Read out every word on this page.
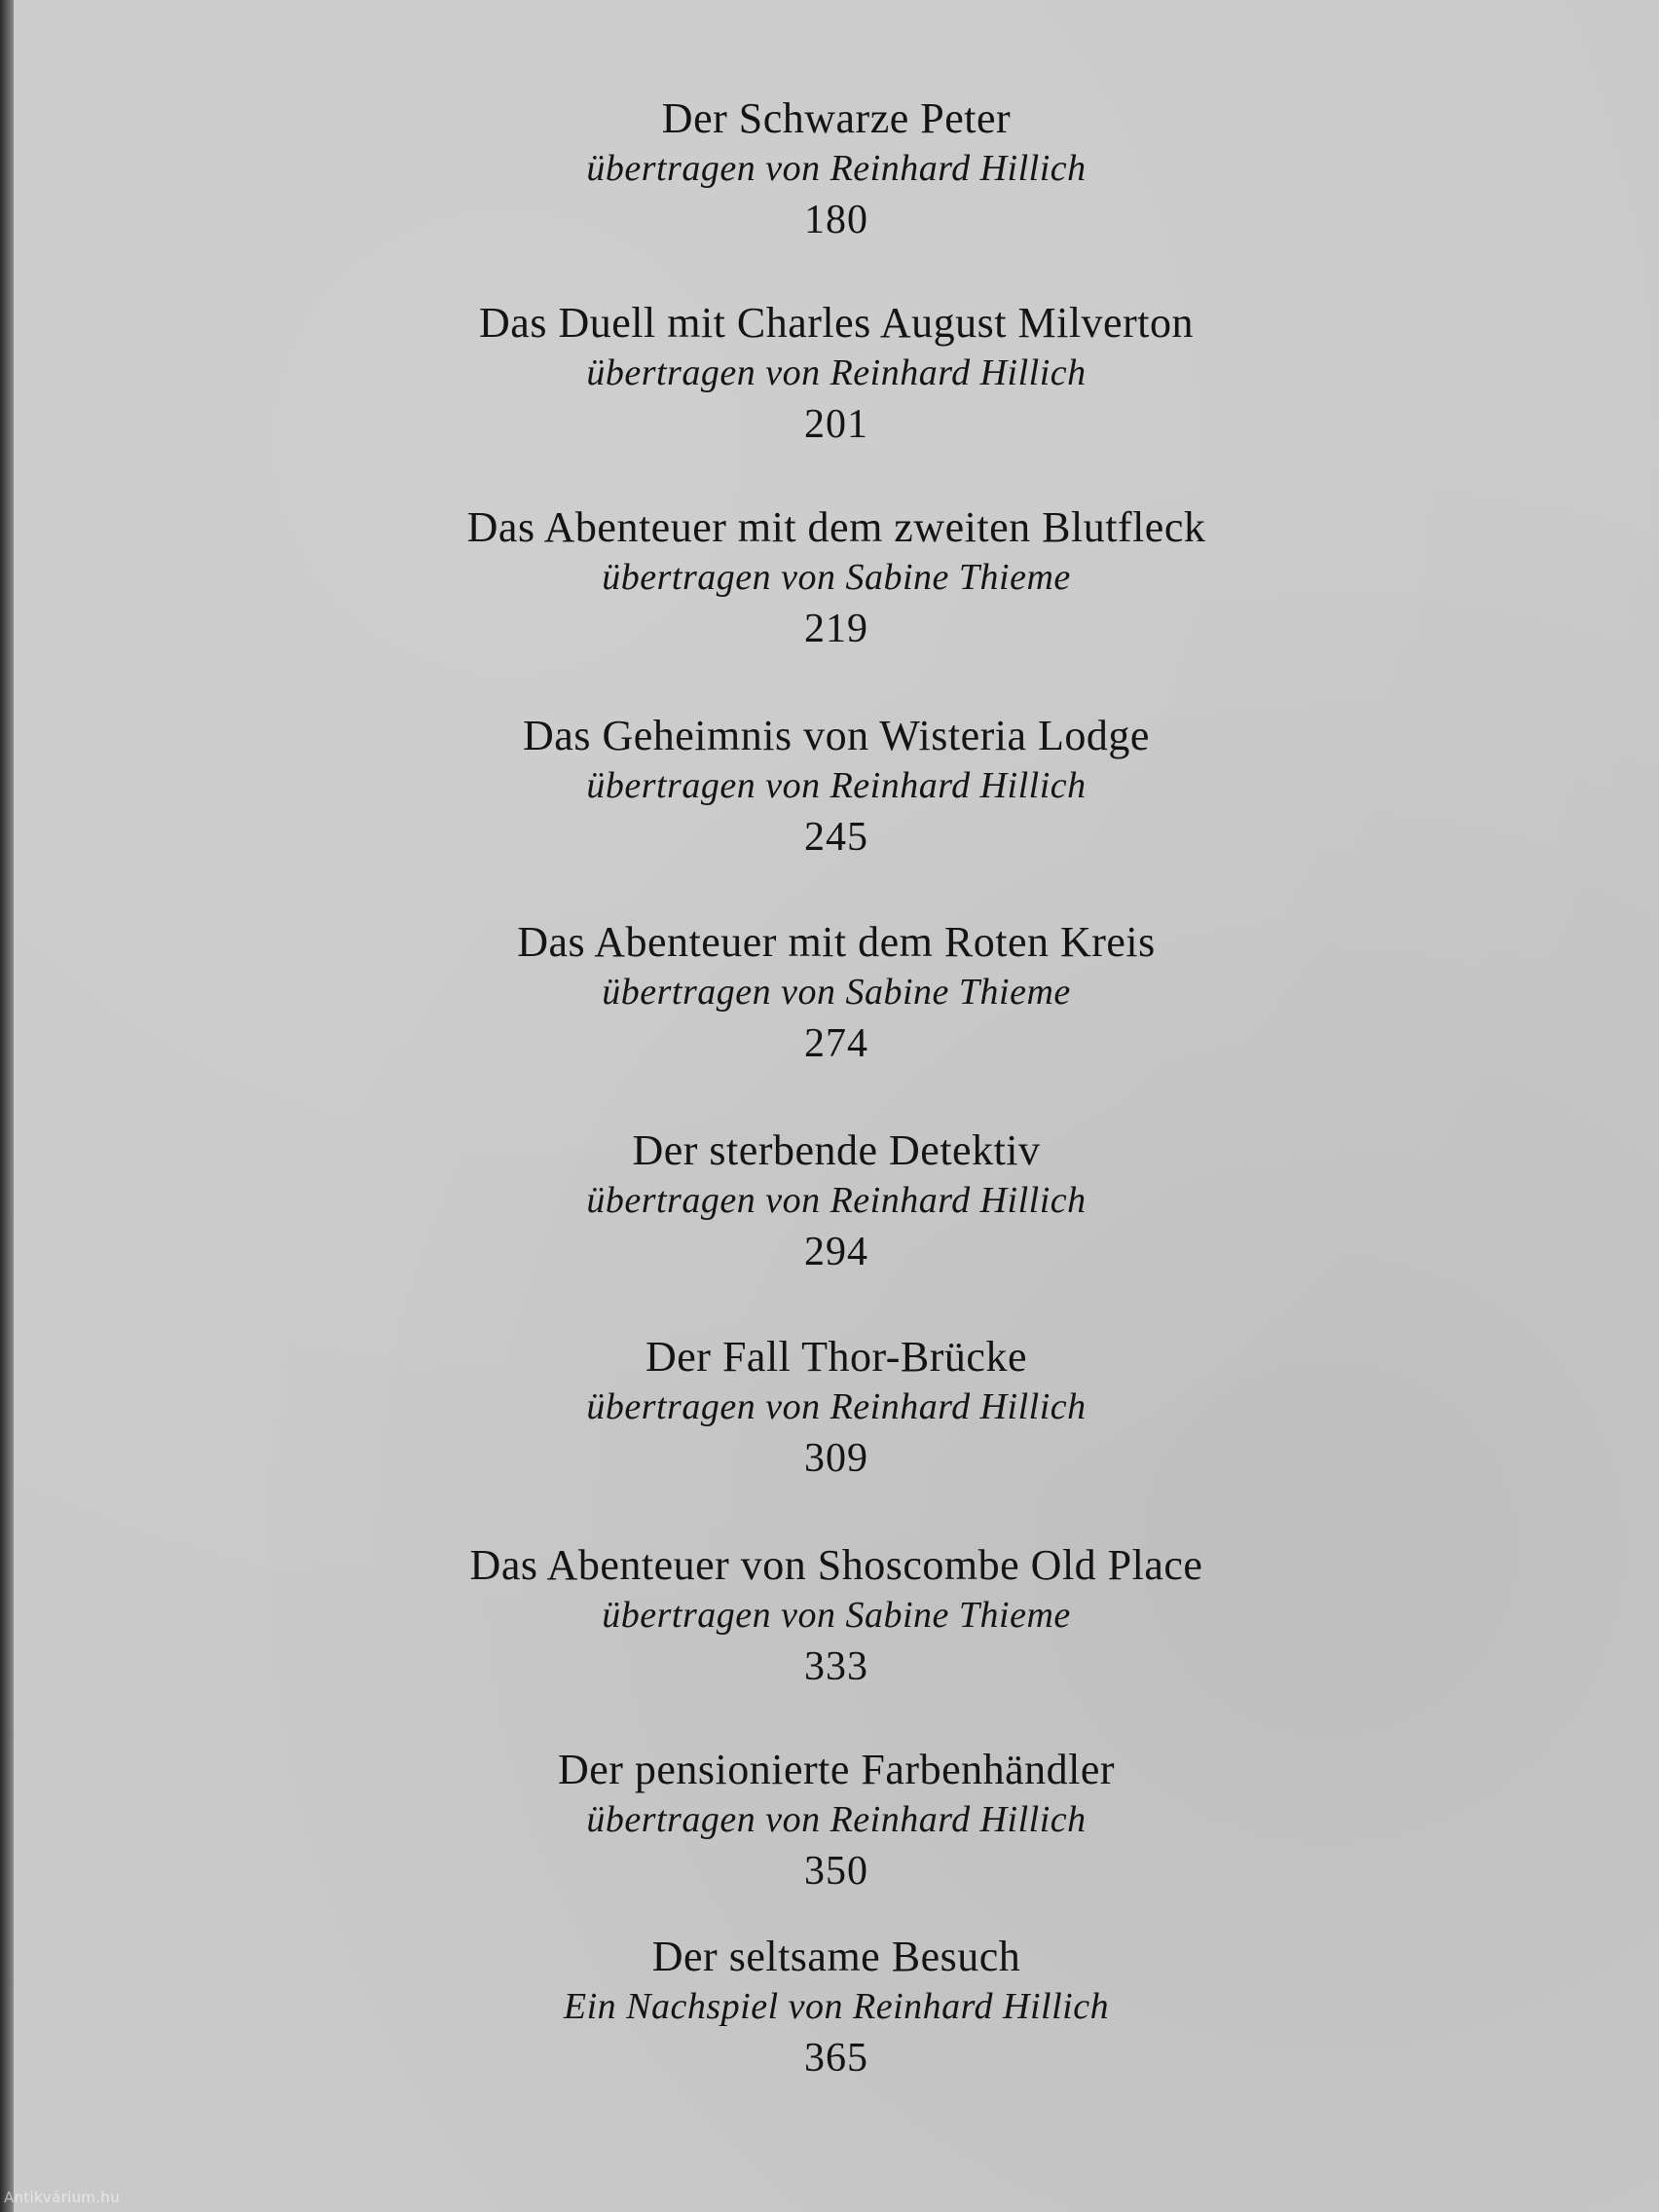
Der Schwarze Peter
übertragen von Reinhard Hillich
180
Das Duell mit Charles August Milverton
übertragen von Reinhard Hillich
201
Das Abenteuer mit dem zweiten Blutfleck
übertragen von Sabine Thieme
219
Das Geheimnis von Wisteria Lodge
übertragen von Reinhard Hillich
245
Das Abenteuer mit dem Roten Kreis
übertragen von Sabine Thieme
274
Der sterbende Detektiv
übertragen von Reinhard Hillich
294
Der Fall Thor-Brücke
übertragen von Reinhard Hillich
309
Das Abenteuer von Shoscombe Old Place
übertragen von Sabine Thieme
333
Der pensionierte Farbenhändler
übertragen von Reinhard Hillich
350
Der seltsame Besuch
Ein Nachspiel von Reinhard Hillich
365
Antikvárium.hu
